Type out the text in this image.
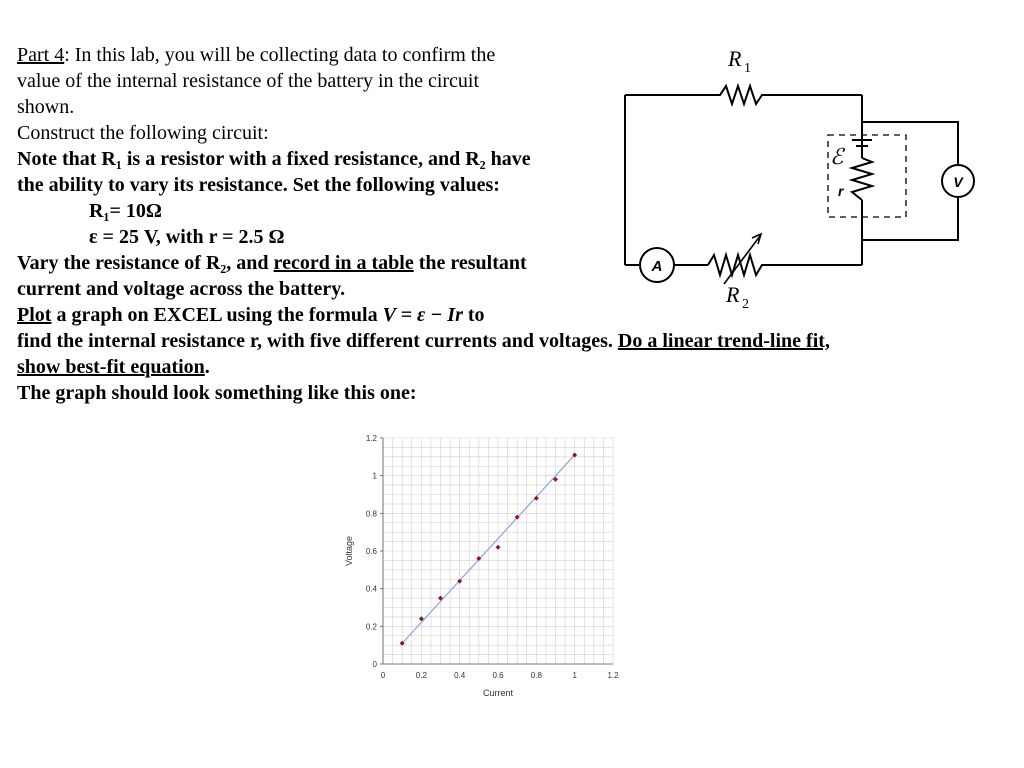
Part 4: In this lab, you will be collecting data to confirm the
value of the internal resistance of the battery in the circuit
shown.
Construct the following circuit:
Note that R₁ is a resistor with a fixed resistance, and R₂ have
the ability to vary its resistance. Set the following values:
R₁= 10Ω
ε = 25 V, with r = 2.5 Ω
Vary the resistance of R₂, and record in a table the resultant
current and voltage across the battery.
Plot a graph on EXCEL using the formula V = ε − Ir to
find the internal resistance r, with five different currents and voltages. Do a linear trend-line fit,
show best-fit equation.
The graph should look something like this one:
A
V
R 1
R 2
ℰ
r
0	0.2	0.4	0.6	0.8	1	1.2
0
0.2
0.4
0.6
0.8
1
1.2
Current
Voltage
